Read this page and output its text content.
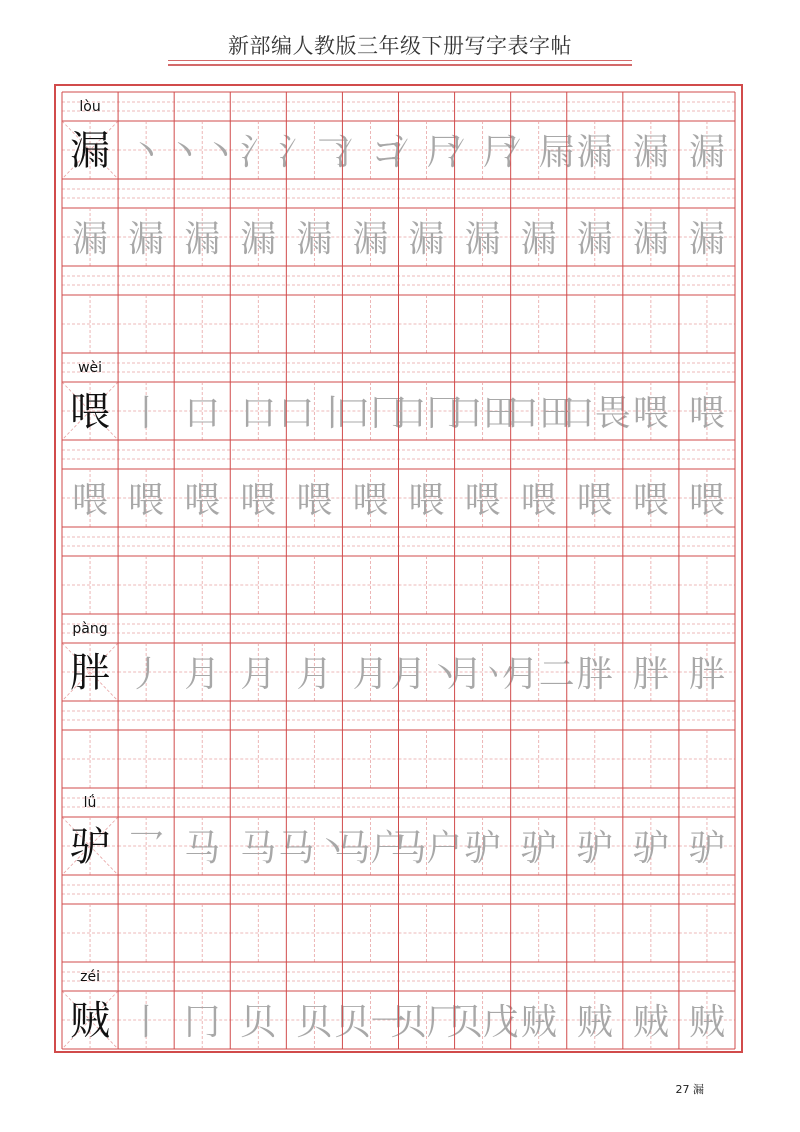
新部编人教版三年级下册写字表字帖
lòu
漏 丶 丶丶 氵 氵𠃌
氵コ
氵尸
氵尸
氵屚 漏 漏 漏
漏 漏 漏 漏 漏 漏 漏 漏 漏 漏 漏 漏
wèi
喂 丨 口 口 口丨
口冂
口冂
口田
口田
口畏 喂 喂
喂 喂 喂 喂 喂 喂 喂 喂 喂 喂 喂 喂
pàng
胖 丿 月 月 月 月 月丶
月丷
月二 胖 胖 胖
lǘ
驴 乛 马 马 马丶
马户
马户 驴 驴 驴 驴 驴
zéi
贼 丨 冂 贝 贝 贝一
贝厂
贝戊 贼 贼 贼 贼
27 漏
